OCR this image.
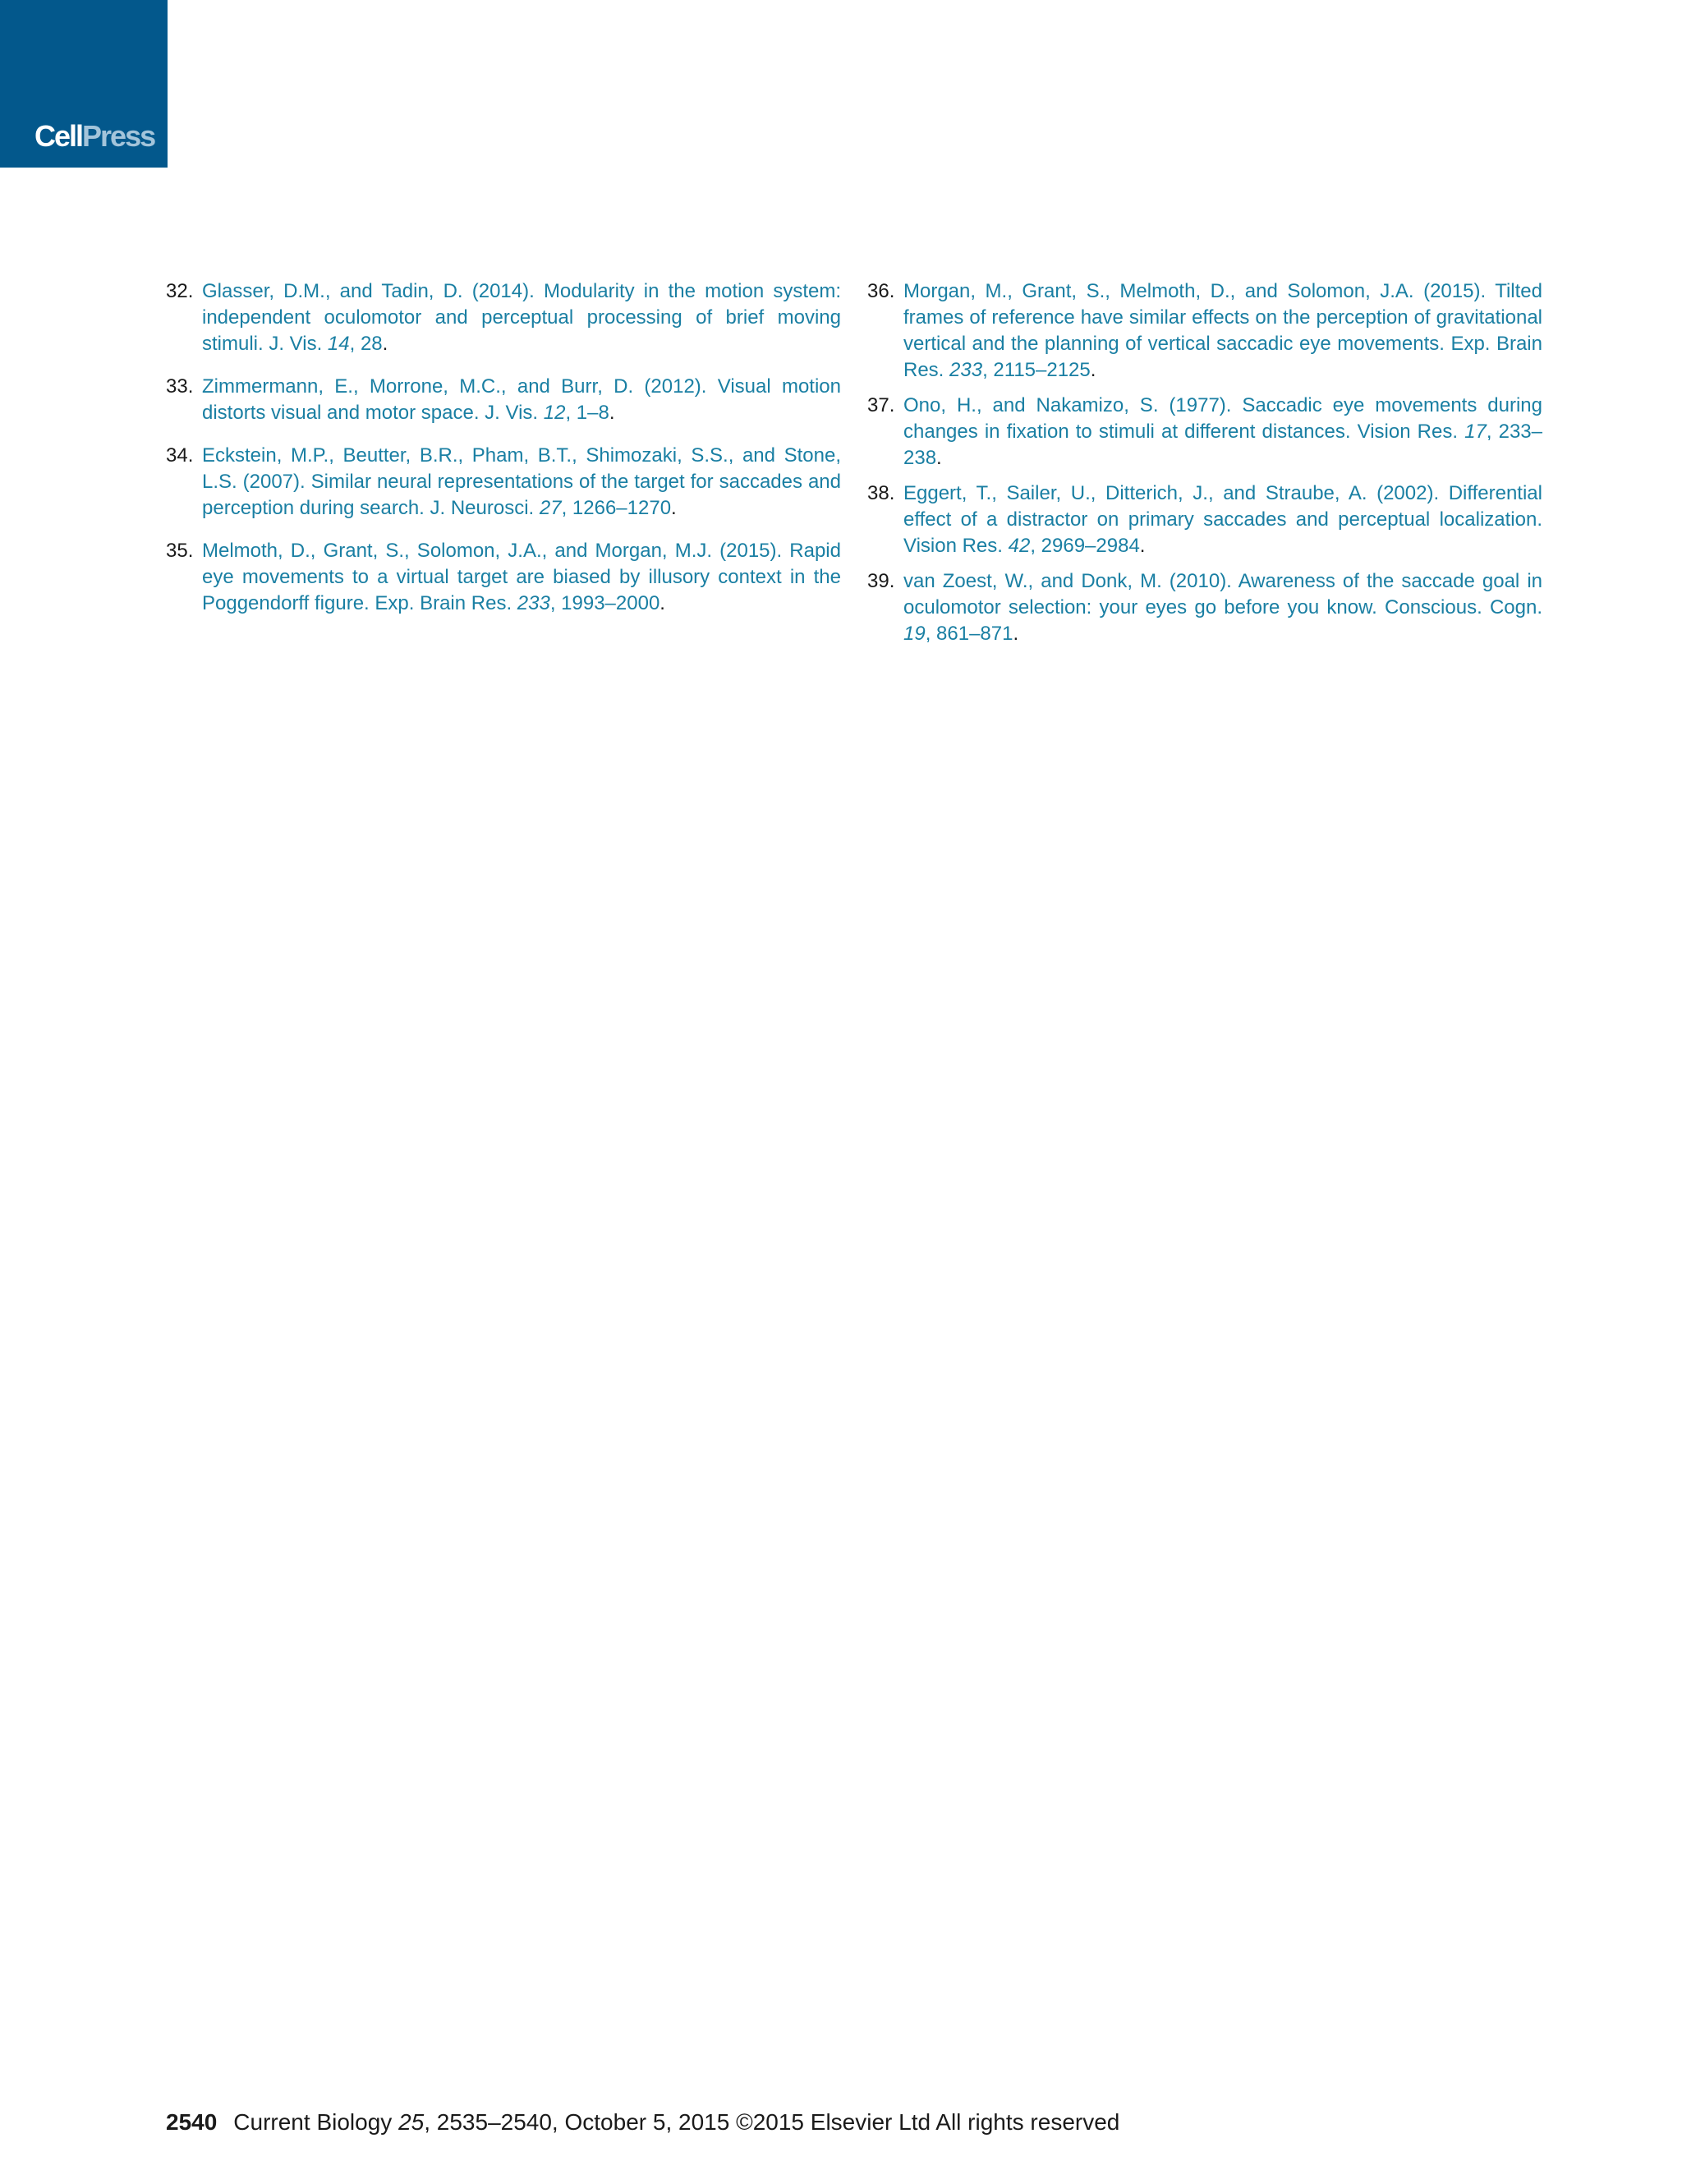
CellPress
32. Glasser, D.M., and Tadin, D. (2014). Modularity in the motion system: independent oculomotor and perceptual processing of brief moving stimuli. J. Vis. 14, 28.
33. Zimmermann, E., Morrone, M.C., and Burr, D. (2012). Visual motion distorts visual and motor space. J. Vis. 12, 1–8.
34. Eckstein, M.P., Beutter, B.R., Pham, B.T., Shimozaki, S.S., and Stone, L.S. (2007). Similar neural representations of the target for saccades and perception during search. J. Neurosci. 27, 1266–1270.
35. Melmoth, D., Grant, S., Solomon, J.A., and Morgan, M.J. (2015). Rapid eye movements to a virtual target are biased by illusory context in the Poggendorff figure. Exp. Brain Res. 233, 1993–2000.
36. Morgan, M., Grant, S., Melmoth, D., and Solomon, J.A. (2015). Tilted frames of reference have similar effects on the perception of gravitational vertical and the planning of vertical saccadic eye movements. Exp. Brain Res. 233, 2115–2125.
37. Ono, H., and Nakamizo, S. (1977). Saccadic eye movements during changes in fixation to stimuli at different distances. Vision Res. 17, 233–238.
38. Eggert, T., Sailer, U., Ditterich, J., and Straube, A. (2002). Differential effect of a distractor on primary saccades and perceptual localization. Vision Res. 42, 2969–2984.
39. van Zoest, W., and Donk, M. (2010). Awareness of the saccade goal in oculomotor selection: your eyes go before you know. Conscious. Cogn. 19, 861–871.
2540 Current Biology 25, 2535–2540, October 5, 2015 ©2015 Elsevier Ltd All rights reserved
